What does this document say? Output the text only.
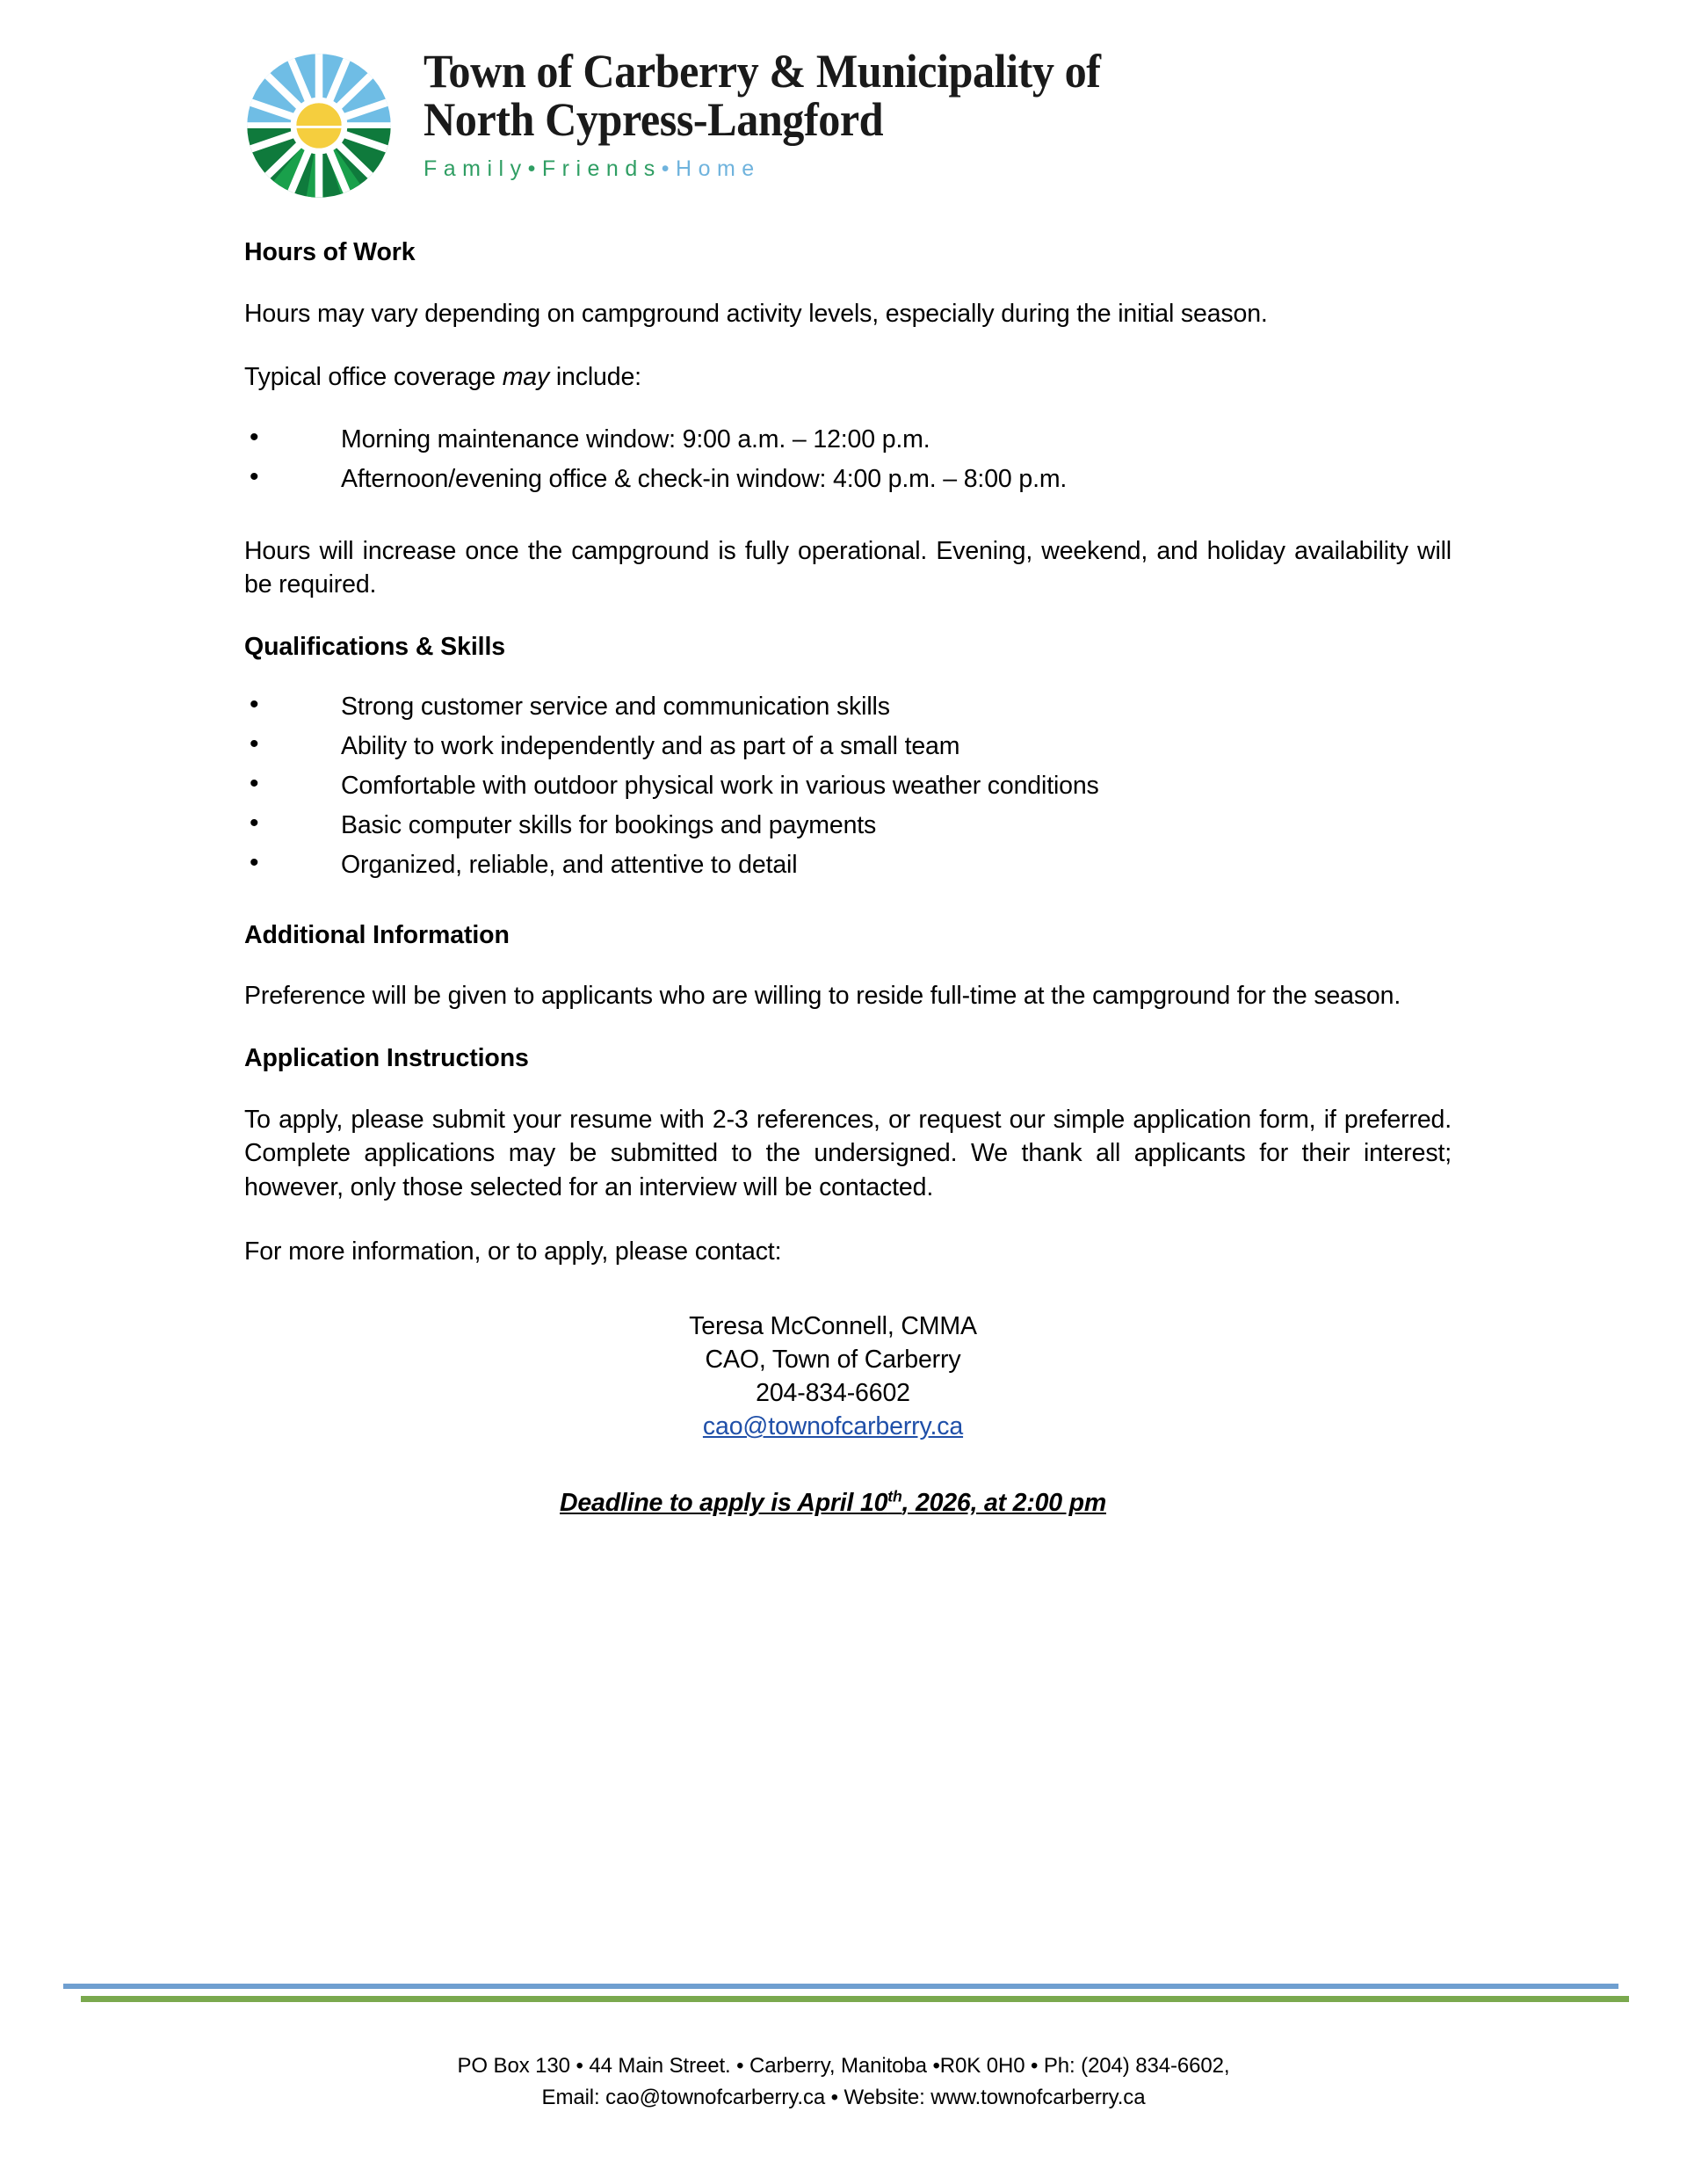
Town of Carberry & Municipality of
North Cypress-Langford
Family•Friends•Home
Hours of Work

Hours may vary depending on campground activity levels, especially during the initial season.

Typical office coverage may include:

• Morning maintenance window: 9:00 a.m. – 12:00 p.m.
• Afternoon/evening office & check-in window: 4:00 p.m. – 8:00 p.m.

Hours will increase once the campground is fully operational. Evening, weekend, and holiday availability will be required.

Qualifications & Skills
• Strong customer service and communication skills
• Ability to work independently and as part of a small team
• Comfortable with outdoor physical work in various weather conditions
• Basic computer skills for bookings and payments
• Organized, reliable, and attentive to detail
Additional Information

Preference will be given to applicants who are willing to reside full-time at the campground for the season.

Application Instructions

To apply, please submit your resume with 2-3 references, or request our simple application form, if preferred. Complete applications may be submitted to the undersigned. We thank all applicants for their interest; however, only those selected for an interview will be contacted.

For more information, or to apply, please contact:

Teresa McConnell, CMMA
CAO, Town of Carberry
204-834-6602
cao@townofcarberry.ca
Deadline to apply is April 10th, 2026, at 2:00 pm
PO Box 130 • 44 Main Street. • Carberry, Manitoba •R0K 0H0 • Ph: (204) 834-6602,
Email: cao@townofcarberry.ca • Website: www.townofcarberry.ca
